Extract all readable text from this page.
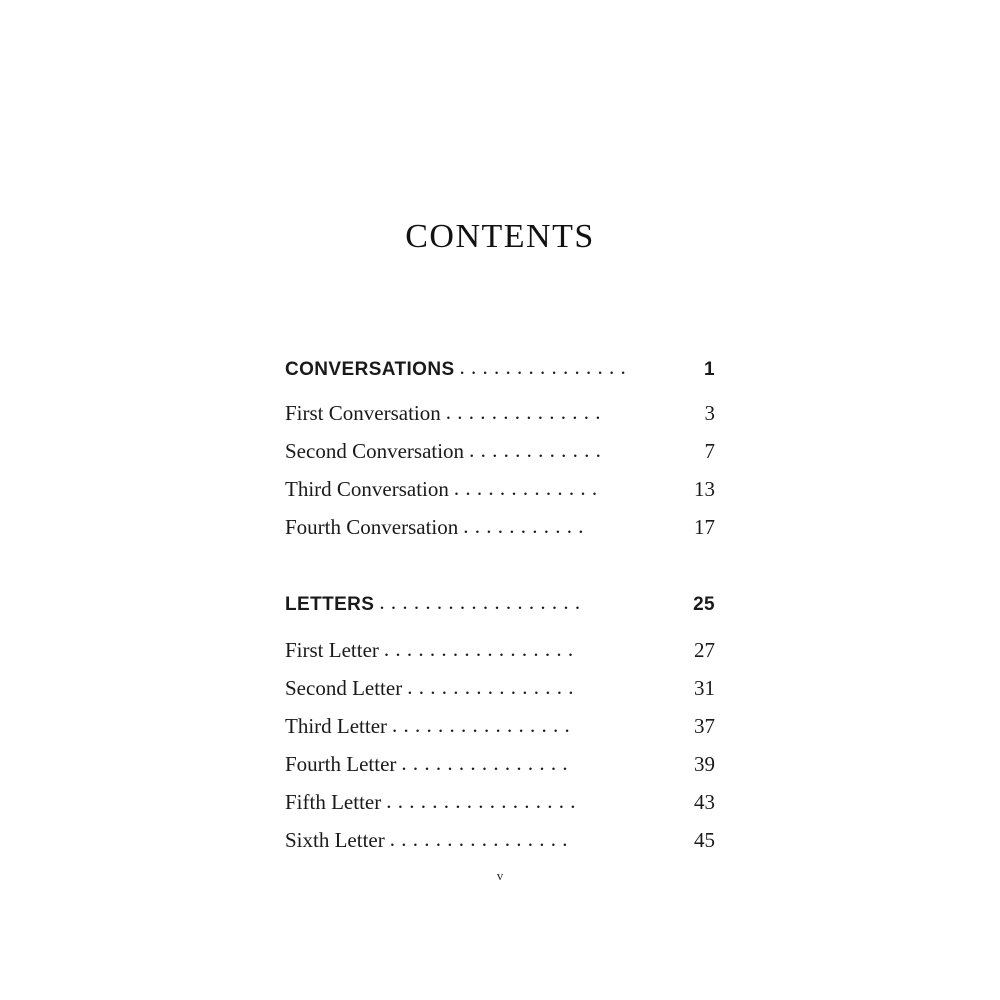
CONTENTS
CONVERSATIONS . . . . . . . . . . . . . . .	1
First Conversation . . . . . . . . . . . . . .	3
Second Conversation . . . . . . . . . . . .	7
Third Conversation . . . . . . . . . . . . .	13
Fourth Conversation . . . . . . . . . . .	17
LETTERS . . . . . . . . . . . . . . . . . .	25
First Letter . . . . . . . . . . . . . . . . .	27
Second Letter . . . . . . . . . . . . . . .	31
Third Letter . . . . . . . . . . . . . . . .	37
Fourth Letter . . . . . . . . . . . . . . .	39
Fifth Letter . . . . . . . . . . . . . . . . .	43
Sixth Letter . . . . . . . . . . . . . . . .	45
v
